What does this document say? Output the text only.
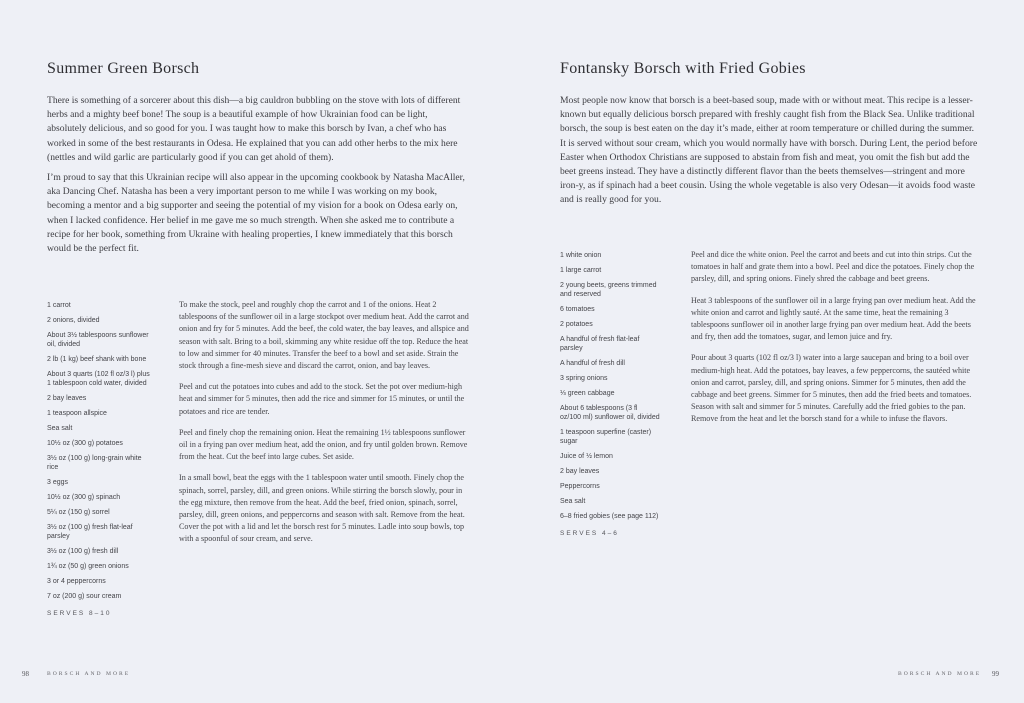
Summer Green Borsch

There is something of a sorcerer about this dish—a big cauldron bubbling on the stove with lots of different herbs and a mighty beef bone! The soup is a beautiful example of how Ukrainian food can be light, absolutely delicious, and so good for you. I was taught how to make this borsch by Ivan, a chef who has worked in some of the best restaurants in Odesa. He explained that you can add other herbs to the mix here (nettles and wild garlic are particularly good if you can get ahold of them).

I’m proud to say that this Ukrainian recipe will also appear in the upcoming cookbook by Natasha MacAller, aka Dancing Chef. Natasha has been a very important person to me while I was working on my book, becoming a mentor and a big supporter and seeing the potential of my vision for a book on Odesa early on, when I lacked confidence. Her belief in me gave me so much strength. When she asked me to contribute a recipe for her book, something from Ukraine with healing properties, I knew immediately that this borsch would be the perfect fit.

1 carrot
2 onions, divided
About 3½ tablespoons sunflower oil, divided
2 lb (1 kg) beef shank with bone
About 3 quarts (102 fl oz/3 l) plus 1 tablespoon cold water, divided
2 bay leaves
1 teaspoon allspice
Sea salt
10½ oz (300 g) potatoes
3½ oz (100 g) long-grain white rice
3 eggs
10½ oz (300 g) spinach
5¼ oz (150 g) sorrel
3½ oz (100 g) fresh flat-leaf parsley
3½ oz (100 g) fresh dill
1¾ oz (50 g) green onions
3 or 4 peppercorns
7 oz (200 g) sour cream
SERVES 8–10

To make the stock, peel and roughly chop the carrot and 1 of the onions. Heat 2 tablespoons of the sunflower oil in a large stockpot over medium heat. Add the carrot and onion and fry for 5 minutes. Add the beef, the cold water, the bay leaves, and allspice and season with salt. Bring to a boil, skimming any white residue off the top. Reduce the heat to low and simmer for 40 minutes. Transfer the beef to a bowl and set aside. Strain the stock through a fine-mesh sieve and discard the carrot, onion, and bay leaves.

Peel and cut the potatoes into cubes and add to the stock. Set the pot over medium-high heat and simmer for 5 minutes, then add the rice and simmer for 15 minutes, or until the potatoes and rice are tender.

Peel and finely chop the remaining onion. Heat the remaining 1½ tablespoons sunflower oil in a frying pan over medium heat, add the onion, and fry until golden brown. Remove from the heat. Cut the beef into large cubes. Set aside.

In a small bowl, beat the eggs with the 1 tablespoon water until smooth. Finely chop the spinach, sorrel, parsley, dill, and green onions. While stirring the borsch slowly, pour in the egg mixture, then remove from the heat. Add the beef, fried onion, spinach, sorrel, parsley, dill, green onions, and peppercorns and season with salt. Remove from the heat. Cover the pot with a lid and let the borsch rest for 5 minutes. Ladle into soup bowls, top with a spoonful of sour cream, and serve.

98	BORSCH AND MORE
Fontansky Borsch with Fried Gobies

Most people now know that borsch is a beet-based soup, made with or without meat. This recipe is a lesser-known but equally delicious borsch prepared with freshly caught fish from the Black Sea. Unlike traditional borsch, the soup is best eaten on the day it’s made, either at room temperature or chilled during the summer. It is served without sour cream, which you would normally have with borsch. During Lent, the period before Easter when Orthodox Christians are supposed to abstain from fish and meat, you omit the fish but add the beet greens instead. They have a distinctly different flavor than the beets themselves—stringent and more iron-y, as if spinach had a beet cousin. Using the whole vegetable is also very Odesan—it avoids food waste and is really good for you.

1 white onion
1 large carrot
2 young beets, greens trimmed and reserved
6 tomatoes
2 potatoes
A handful of fresh flat-leaf parsley
A handful of fresh dill
3 spring onions
⅓ green cabbage
About 6 tablespoons (3 fl oz/100 ml) sunflower oil, divided
1 teaspoon superfine (caster) sugar
Juice of ½ lemon
2 bay leaves
Peppercorns
Sea salt
6–8 fried gobies (see page 112)
SERVES 4–6

Peel and dice the white onion. Peel the carrot and beets and cut into thin strips. Cut the tomatoes in half and grate them into a bowl. Peel and dice the potatoes. Finely chop the parsley, dill, and spring onions. Finely shred the cabbage and beet greens.

Heat 3 tablespoons of the sunflower oil in a large frying pan over medium heat. Add the white onion and carrot and lightly sauté. At the same time, heat the remaining 3 tablespoons sunflower oil in another large frying pan over medium heat. Add the beets and fry, then add the tomatoes, sugar, and lemon juice and fry.

Pour about 3 quarts (102 fl oz/3 l) water into a large saucepan and bring to a boil over medium-high heat. Add the potatoes, bay leaves, a few peppercorns, the sautéed white onion and carrot, parsley, dill, and spring onions. Simmer for 5 minutes, then add the cabbage and beet greens. Simmer for 5 minutes, then add the fried beets and tomatoes. Season with salt and simmer for 5 minutes. Carefully add the fried gobies to the pan. Remove from the heat and let the borsch stand for a while to infuse the flavors.

BORSCH AND MORE 99
